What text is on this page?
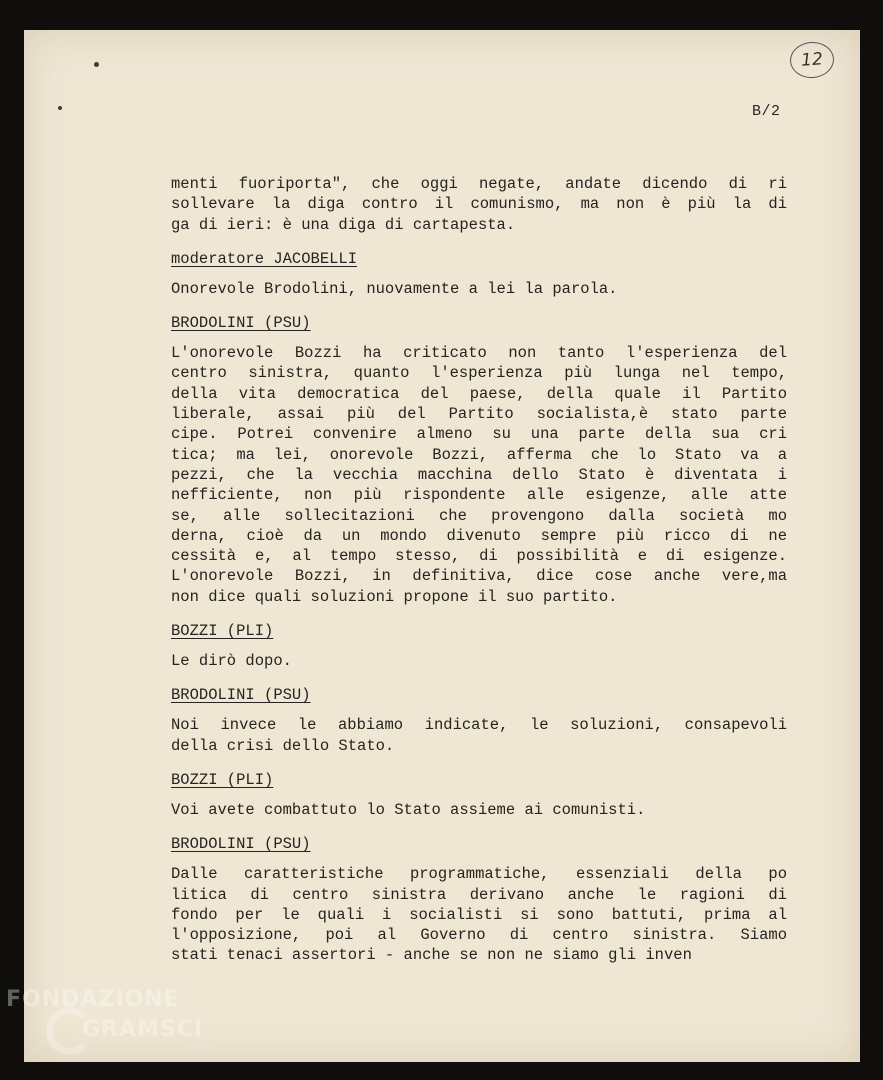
12
B/2
menti fuoriporta", che oggi negate, andate dicendo di ri
sollevare la diga contro il comunismo, ma non è più la di
ga di ieri: è una diga di cartapesta.
moderatore JACOBELLI
Onorevole Brodolini, nuovamente a lei la parola.
BRODOLINI (PSU)
L'onorevole Bozzi ha criticato non tanto l'esperienza del
centro sinistra, quanto l'esperienza più lunga nel tempo,
della vita democratica del paese, della quale il Partito
liberale, assai più del Partito socialista,è stato parte
cipe. Potrei convenire almeno su una parte della sua cri
tica; ma lei, onorevole Bozzi, afferma che lo Stato va a
pezzi, che la vecchia macchina dello Stato è diventata i
nefficiente, non più rispondente alle esigenze, alle atte
se, alle sollecitazioni che provengono dalla società mo
derna, cioè da un mondo divenuto sempre più ricco di ne
cessità e, al tempo stesso, di possibilità e di esigenze.
L'onorevole Bozzi, in definitiva, dice cose anche vere,ma
non dice quali soluzioni propone il suo partito.
BOZZI (PLI)
Le dirò dopo.
BRODOLINI (PSU)
Noi invece le abbiamo indicate, le soluzioni, consapevoli
della crisi dello Stato.
BOZZI (PLI)
Voi avete combattuto lo Stato assieme ai comunisti.
BRODOLINI (PSU)
Dalle caratteristiche programmatiche, essenziali della po
litica di centro sinistra derivano anche le ragioni di
fondo per le quali i socialisti si sono battuti, prima al
l'opposizione, poi al Governo di centro sinistra. Siamo
stati tenaci assertori - anche se non ne siamo gli inven
FONDAZIONE
GRAMSCI
onlus
